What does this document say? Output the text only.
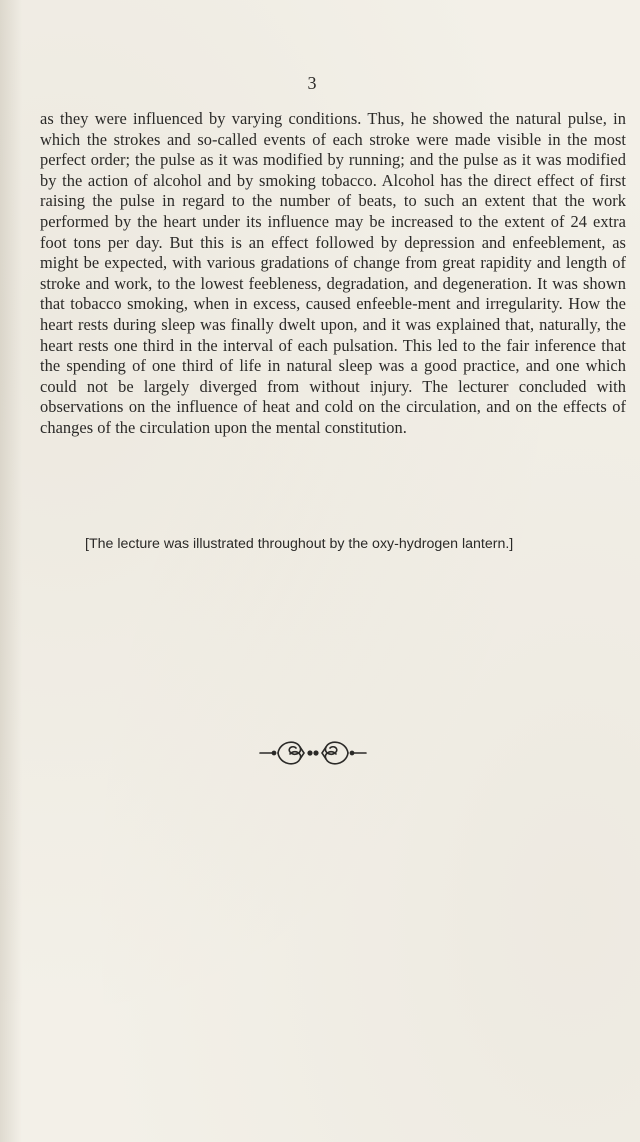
3

as they were influenced by varying conditions. Thus, he showed the natural pulse, in which the strokes and so-called events of each stroke were made visible in the most perfect order; the pulse as it was modified by running; and the pulse as it was modified by the action of alcohol and by smoking tobacco. Alcohol has the direct effect of first raising the pulse in regard to the number of beats, to such an extent that the work performed by the heart under its influence may be increased to the extent of 24 extra foot tons per day. But this is an effect followed by depression and enfeeblement, as might be expected, with various gradations of change from great rapidity and length of stroke and work, to the lowest feebleness, degradation, and degeneration. It was shown that tobacco smoking, when in excess, caused enfeeble-ment and irregularity. How the heart rests during sleep was finally dwelt upon, and it was explained that, naturally, the heart rests one third in the interval of each pulsation. This led to the fair inference that the spending of one third of life in natural sleep was a good practice, and one which could not be largely diverged from without injury. The lecturer concluded with observations on the influence of heat and cold on the circulation, and on the effects of changes of the circulation upon the mental constitution.

[The lecture was illustrated throughout by the oxy-hydrogen lantern.]
